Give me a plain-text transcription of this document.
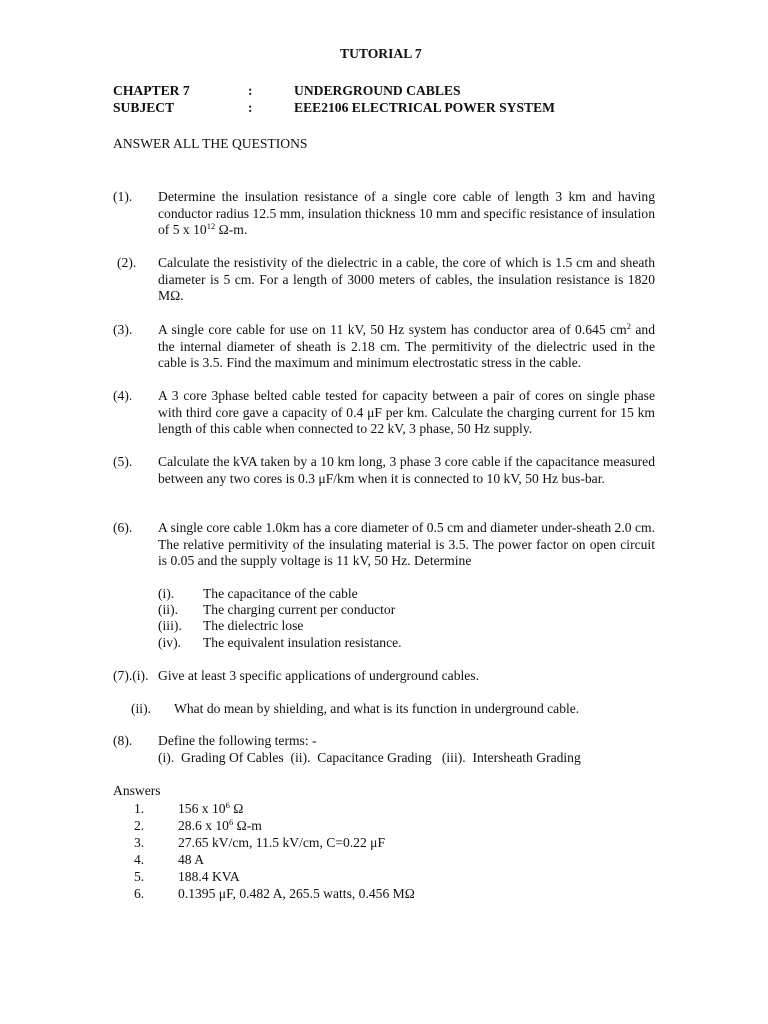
TUTORIAL 7
CHAPTER 7	:	UNDERGROUND CABLES
SUBJECT	:	EEE2106 ELECTRICAL POWER SYSTEM
ANSWER ALL THE QUESTIONS
(1). Determine the insulation resistance of a single core cable of length 3 km and having conductor radius 12.5 mm, insulation thickness 10 mm and specific resistance of insulation of 5 x $10^{12}$ Ω-m.
(2). Calculate the resistivity of the dielectric in a cable, the core of which is 1.5 cm and sheath diameter is 5 cm. For a length of 3000 meters of cables, the insulation resistance is 1820 MΩ.
(3). A single core cable for use on 11 kV, 50 Hz system has conductor area of 0.645 $cm^2$ and the internal diameter of sheath is 2.18 cm. The permitivity of the dielectric used in the cable is 3.5. Find the maximum and minimum electrostatic stress in the cable.
(4). A 3 core 3phase belted cable tested for capacity between a pair of cores on single phase with third core gave a capacity of 0.4 μF per km. Calculate the charging current for 15 km length of this cable when connected to 22 kV, 3 phase, 50 Hz supply.
(5). Calculate the kVA taken by a 10 km long, 3 phase 3 core cable if the capacitance measured between any two cores is 0.3 μF/km when it is connected to 10 kV, 50 Hz bus-bar.
(6). A single core cable 1.0km has a core diameter of 0.5 cm and diameter under-sheath 2.0 cm. The relative permitivity of the insulating material is 3.5. The power factor on open circuit is 0.05 and the supply voltage is 11 kV, 50 Hz. Determine
(i). The capacitance of the cable
(ii). The charging current per conductor
(iii). The dielectric lose
(iv). The equivalent insulation resistance.
(7).(i). Give at least 3 specific applications of underground cables.
(ii). What do mean by shielding, and what is its function in underground cable.
(8). Define the following terms: -
(i).  Grading Of Cables  (ii).  Capacitance Grading   (iii).  Intersheath Grading
Answers
1. 156 x $10^6$ Ω
2. 28.6 x $10^6$ Ω-m
3. 27.65 kV/cm, 11.5 kV/cm, C=0.22 μF
4. 48 A
5. 188.4 KVA
6. 0.1395 μF, 0.482 A, 265.5 watts, 0.456 MΩ
